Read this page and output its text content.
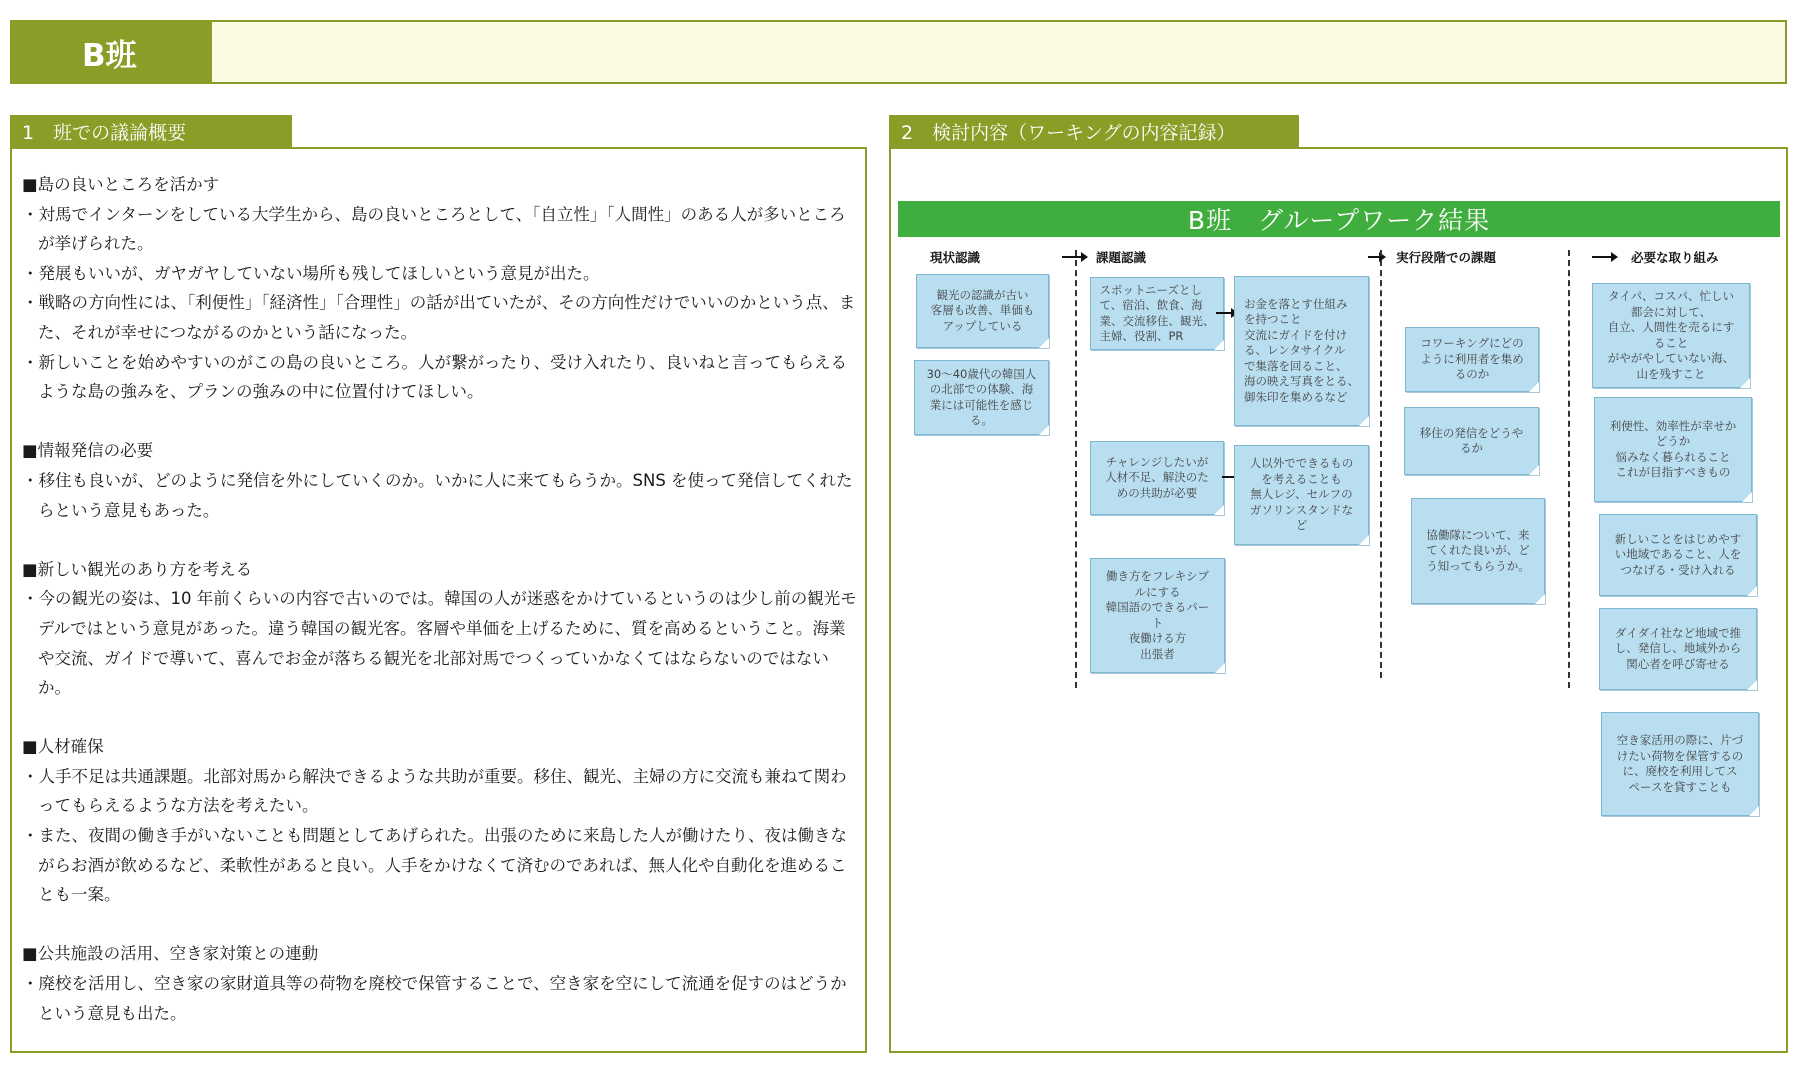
B班
1　班での議論概要
■島の良いところを活かす
・対馬でインターンをしている大学生から、島の良いところとして、「自立性」「人間性」のある人が多いところが挙げられた。
・発展もいいが、ガヤガヤしていない場所も残してほしいという意見が出た。
・戦略の方向性には、「利便性」「経済性」「合理性」の話が出ていたが、その方向性だけでいいのかという点、また、それが幸せにつながるのかという話になった。
・新しいことを始めやすいのがこの島の良いところ。人が繋がったり、受け入れたり、良いねと言ってもらえるような島の強みを、プランの強みの中に位置付けてほしい。
■情報発信の必要
・移住も良いが、どのように発信を外にしていくのか。いかに人に来てもらうか。SNS を使って発信してくれたらという意見もあった。
■新しい観光のあり方を考える
・今の観光の姿は、10 年前くらいの内容で古いのでは。韓国の人が迷惑をかけているというのは少し前の観光モデルではという意見があった。違う韓国の観光客。客層や単価を上げるために、質を高めるということ。海業や交流、ガイドで導いて、喜んでお金が落ちる観光を北部対馬でつくっていかなくてはならないのではないか。
■人材確保
・人手不足は共通課題。北部対馬から解決できるような共助が重要。移住、観光、主婦の方に交流も兼ねて関わってもらえるような方法を考えたい。
・また、夜間の働き手がいないことも問題としてあげられた。出張のために来島した人が働けたり、夜は働きながらお酒が飲めるなど、柔軟性があると良い。人手をかけなくて済むのであれば、無人化や自動化を進めることも一案。
■公共施設の活用、空き家対策との連動
・廃校を活用し、空き家の家財道具等の荷物を廃校で保管することで、空き家を空にして流通を促すのはどうかという意見も出た。
2　検討内容（ワーキングの内容記録）
B班　グループワーク結果
現状認識	課題認識	実行段階での課題	必要な取り組み
観光の認識が古い
客層も改善、単価も
アップしている
30～40歳代の韓国人
の北部での体験、海
業には可能性を感じ
る。
スポットニーズとし
て、宿泊、飲食、海
業、交流移住、観光、
主婦、役割、PR
お金を落とす仕組み
を持つこと
交流にガイドを付け
る、レンタサイクル
で集落を回ること、
海の映え写真をとる、
御朱印を集めるなど
チャレンジしたいが
人材不足、解決のた
めの共助が必要
人以外でできるもの
を考えることも
無人レジ、セルフの
ガソリンスタンドな
ど
働き方をフレキシブ
ルにする
韓国語のできるパー
ト
夜働ける方
出張者
コワーキングにどの
ように利用者を集め
るのか
移住の発信をどうや
るか
協働隊について、来
てくれた良いが、ど
う知ってもらうか。
タイパ、コスパ、忙しい
都会に対して、
自立、人間性を売るにす
ること
がやがやしていない海、
山を残すこと
利便性、効率性が幸せか
どうか
悩みなく暮られること
これが目指すべきもの
新しいことをはじめやす
い地域であること、人を
つなげる・受け入れる
ダイダイ社など地域で推
し、発信し、地域外から
関心者を呼び寄せる
空き家活用の際に、片づ
けたい荷物を保管するの
に、廃校を利用してス
ペースを貸すことも
